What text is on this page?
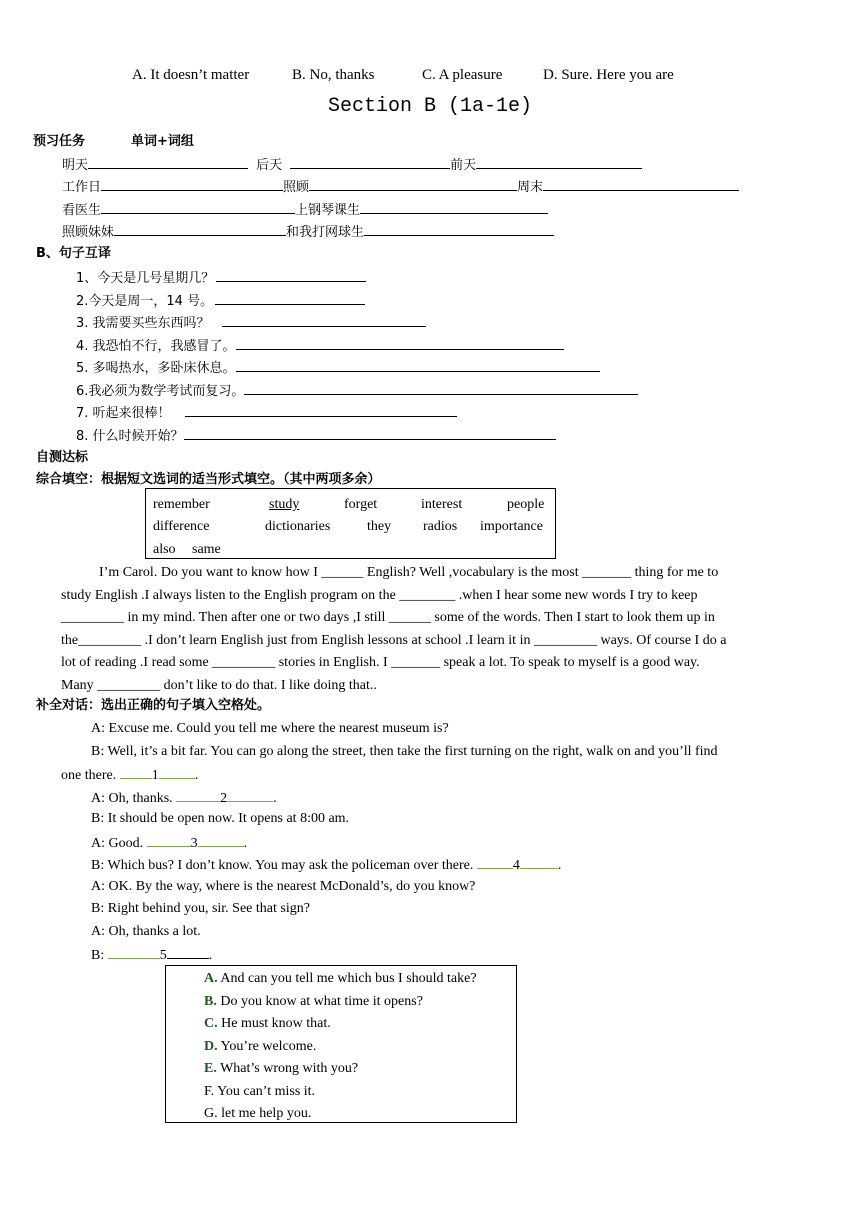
A. It doesn’t matter	B. No, thanks	C. A pleasure	D. Sure. Here you are
Section B (1a-1e)
预习任务	单词+词组
明天	后天	前天
工作日	照顾	周末
看医生	上钢琴课生
照顾妹妹	和我打网球生
B、句子互译
1、今天是几号星期几？
2.今天是周一，14 号。
3. 我需要买些东西吗？
4. 我恐怕不行，我感冒了。
5. 多喝热水，多卧床休息。
6.我必须为数学考试而复习。
7. 听起来很棒！
8. 什么时候开始？
自测达标
综合填空：根据短文选词的适当形式填空。（其中两项多余）
remember	study	forget	interest	people
difference	dictionaries	they radios importance
also same
I’m Carol. Do you want to know how I ______ English? Well ,vocabulary is the most _______ thing for me to
study English .I always listen to the English program on the ________ .when I hear some new words I try to keep
_________ in my mind. Then after one or two days ,I still ______ some of the words. Then I start to look them up in
the_________ .I don’t learn English just from English lessons at school .I learn it in _________ ways. Of course I do a
lot of reading .I read some _________ stories in English. I _______ speak a lot. To speak to myself is a good way.
Many _________ don’t like to do that. I like doing that..
补全对话：选出正确的句子填入空格处。
A: Excuse me. Could you tell me where the nearest museum is?
B: Well, it’s a bit far. You can go along the street, then take the first turning on the right, walk on and you’ll find
one there.	1	.
A: Oh, thanks.	2	.
B: It should be open now. It opens at 8:00 am.
A: Good.	3	.
B: Which bus? I don’t know. You may ask the policeman over there.	4	.
A: OK. By the way, where is the nearest McDonald’s, do you know?
B: Right behind you, sir. See that sign?
A: Oh, thanks a lot.
B:	5	.
A. And can you tell me which bus I should take?
B. Do you know at what time it opens?
C. He must know that.
D. You’re welcome.
E. What’s wrong with you?
F. You can’t miss it.
G. let me help you.
